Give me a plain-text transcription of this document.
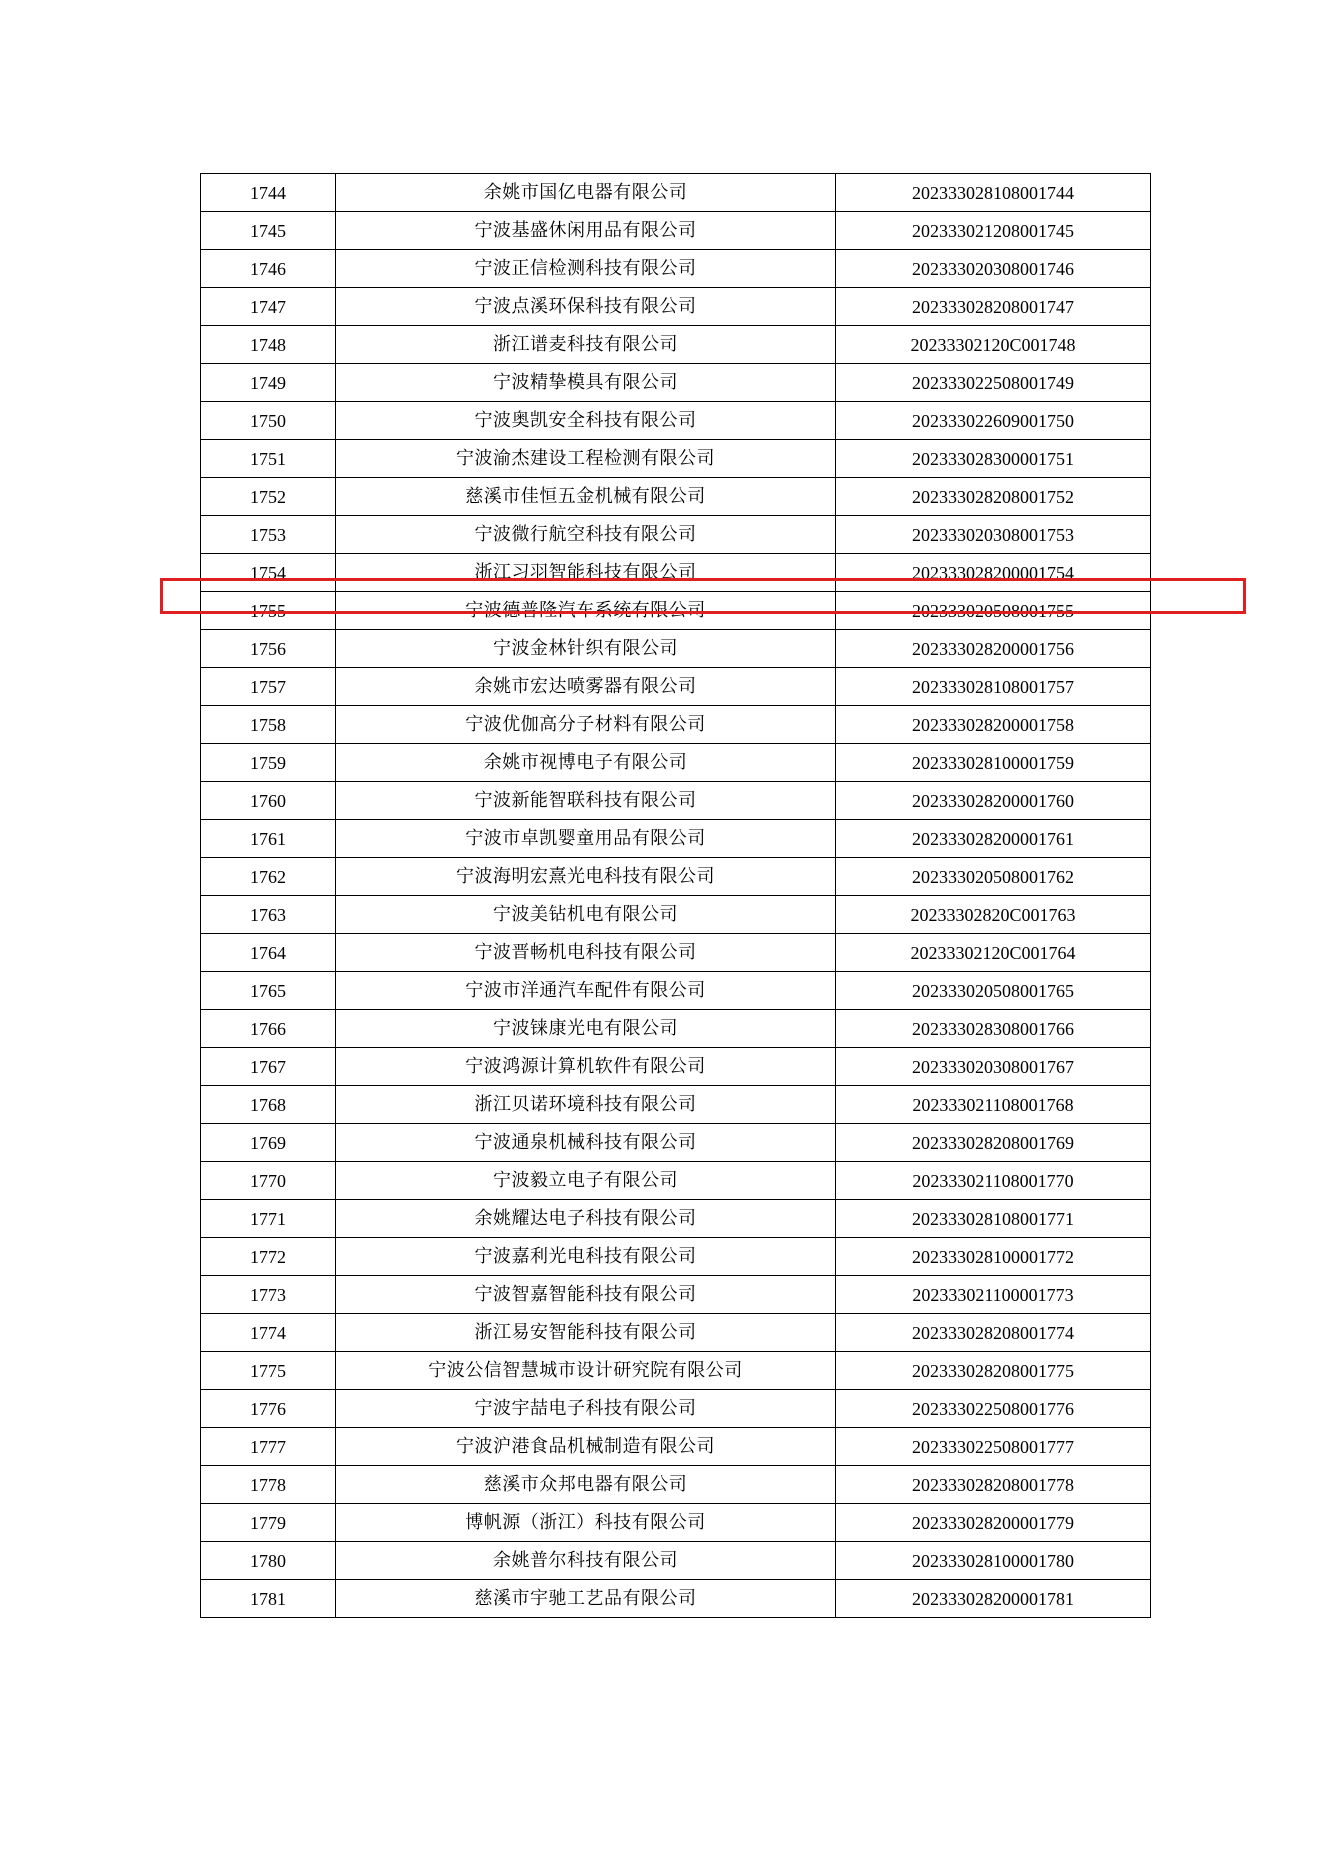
1744	余姚市国亿电器有限公司	202333028108001744
1745	宁波基盛休闲用品有限公司	202333021208001745
1746	宁波正信检测科技有限公司	202333020308001746
1747	宁波点溪环保科技有限公司	202333028208001747
1748	浙江谱麦科技有限公司	20233302120C001748
1749	宁波精挚模具有限公司	202333022508001749
1750	宁波奥凯安全科技有限公司	202333022609001750
1751	宁波渝杰建设工程检测有限公司	202333028300001751
1752	慈溪市佳恒五金机械有限公司	202333028208001752
1753	宁波微行航空科技有限公司	202333020308001753
1754	浙江习羽智能科技有限公司	202333028200001754
1755	宁波德普隆汽车系统有限公司	202333020508001755
1756	宁波金林针织有限公司	202333028200001756
1757	余姚市宏达喷雾器有限公司	202333028108001757
1758	宁波优伽高分子材料有限公司	202333028200001758
1759	余姚市视博电子有限公司	202333028100001759
1760	宁波新能智联科技有限公司	202333028200001760
1761	宁波市卓凯婴童用品有限公司	202333028200001761
1762	宁波海明宏熹光电科技有限公司	202333020508001762
1763	宁波美钻机电有限公司	20233302820C001763
1764	宁波晋畅机电科技有限公司	20233302120C001764
1765	宁波市洋通汽车配件有限公司	202333020508001765
1766	宁波铼康光电有限公司	202333028308001766
1767	宁波鸿源计算机软件有限公司	202333020308001767
1768	浙江贝诺环境科技有限公司	202333021108001768
1769	宁波通泉机械科技有限公司	202333028208001769
1770	宁波毅立电子有限公司	202333021108001770
1771	余姚耀达电子科技有限公司	202333028108001771
1772	宁波嘉利光电科技有限公司	202333028100001772
1773	宁波智嘉智能科技有限公司	202333021100001773
1774	浙江易安智能科技有限公司	202333028208001774
1775	宁波公信智慧城市设计研究院有限公司	202333028208001775
1776	宁波宇喆电子科技有限公司	202333022508001776
1777	宁波沪港食品机械制造有限公司	202333022508001777
1778	慈溪市众邦电器有限公司	202333028208001778
1779	博帆源（浙江）科技有限公司	202333028200001779
1780	余姚普尔科技有限公司	202333028100001780
1781	慈溪市宇驰工艺品有限公司	202333028200001781
